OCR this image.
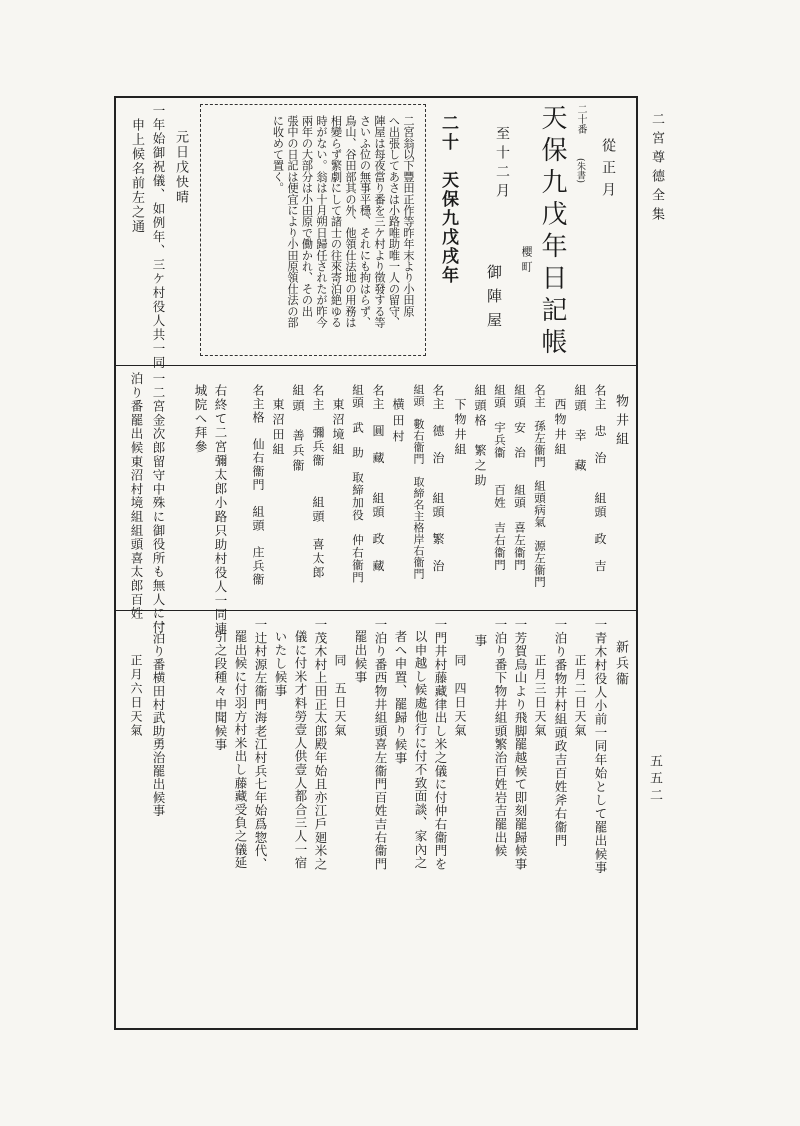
二宮尊德全集
五五二
從正月
二十番
(朱書)
天保九戊年日記帳
櫻町
至十二月
御陣屋
二十　天保九戊戌年
二宮翁以下豐田正作等昨年末より小田原
へ出張してあさは小路唯助唯一人の留守、
陣屋は每夜當り番を三ケ村より徵發する等
さいふ位の無事平穩、それにも拘はらず、
鳥山、谷田部其の外、他領仕法地の用務は
相變らず繁劇にして諸士の往來寄泊絶ゆる
時がない。翁は十月朔日歸任されたが昨今
兩年の大部分は小田原で働かれ、その出
張中の日記は便宜により小田原領仕法の部
に收めて置く。
元日戊快晴
一年始御祝儀、如例年、三ケ村役人共一同
申上候名前左之通
物井組
名主　忠　治　　組頭　政　吉
組頭　幸　藏
西物井組
名主　孫左衞門　組頭病氣　源左衞門
組頭　安　治　　組頭　喜左衞門
組頭　宇兵衞　　百姓　吉右衞門
組頭格　繁之助
下物井組
名主　德　治　　組頭　繁　治
組頭　數右衞門　取締名主格岸右衞門
横田村
名主　圓　藏　　組頭　政　藏
組頭　武　助　取締加役　仲右衞門
東沼境組
名主　彌兵衞　　組頭　喜太郎
組頭　善兵衞
東沼田組
名主格　仙右衞門　組頭　庄兵衞
右終て二宮彌太郎小路只助村役人一同連
城院へ拜參
一二宮金次郎留守中殊に御役所も無人に付
泊り番罷出候東沼村境組組頭喜太郎百姓
新兵衞
一青木村役人小前一同年始として罷出候事
正月二日天氣
一泊り番物井村組頭政吉百姓斧右衞門
正月三日天氣
一芳賀鳥山より飛脚罷越候て即刻罷歸候事
一泊り番下物井組頭繁治百姓岩吉罷出候
事
同　四日天氣
一門井村藤藏律出し米之儀に付仲右衞門を
以申越し候處他行に付不致面談、家內之
者へ申置、罷歸り候事
一泊り番西物井組頭喜左衞門百姓吉右衞門
罷出候事
同　五日天氣
一茂木村上田正太郎殿年始且亦江戶廻米之
儀に付米才料勞壹人供壹人都合三人一宿
いたし候事
一辻村源左衞門海老江村兵七年始爲惣代、
罷出候に付羽方村米出し藤藏受負之儀延
引之段種々申聞候事
一泊り番横田村武助勇治罷出候事
正月六日天氣
